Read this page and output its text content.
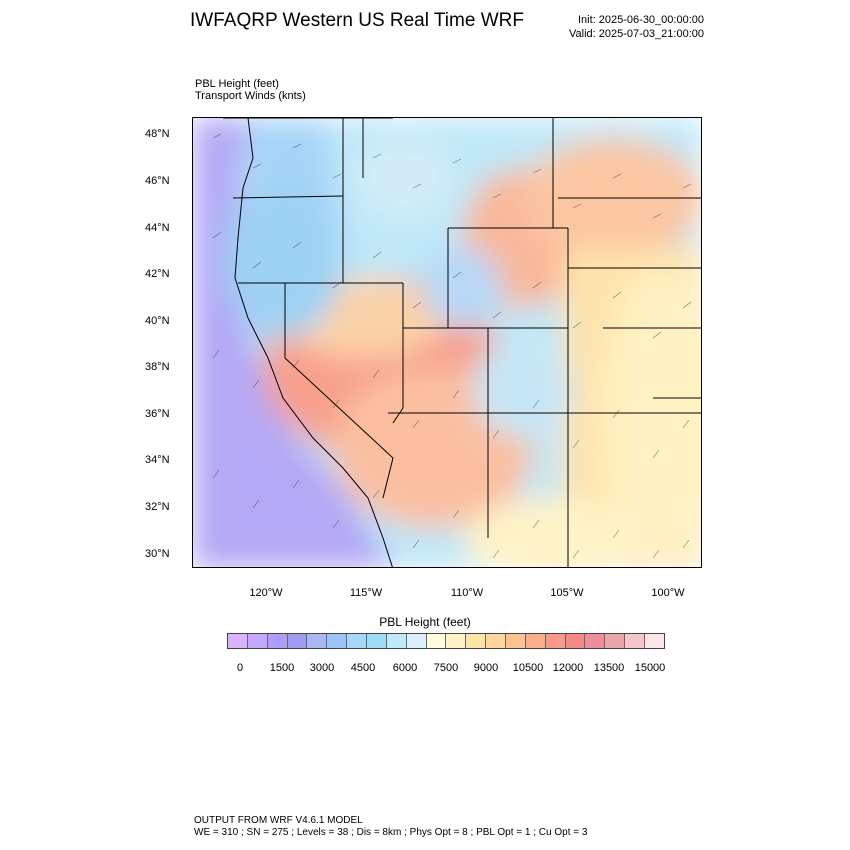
IWFAQRP Western US Real Time WRF	Init: 2025-06-30_00:00:00
Valid: 2025-07-03_21:00:00
PBL Height (feet)
Transport Winds (knts)
48°N
46°N
44°N
42°N
40°N
38°N
36°N
34°N
32°N
30°N
120°W	115°W	110°W	105°W	100°W
PBL Height (feet)
0 1500 3000 4500 6000 7500 9000 10500 12000 13500 15000
OUTPUT FROM WRF V4.6.1 MODEL
WE = 310 ; SN = 275 ; Levels = 38 ; Dis = 8km ; Phys Opt = 8 ; PBL Opt = 1 ; Cu Opt = 3
